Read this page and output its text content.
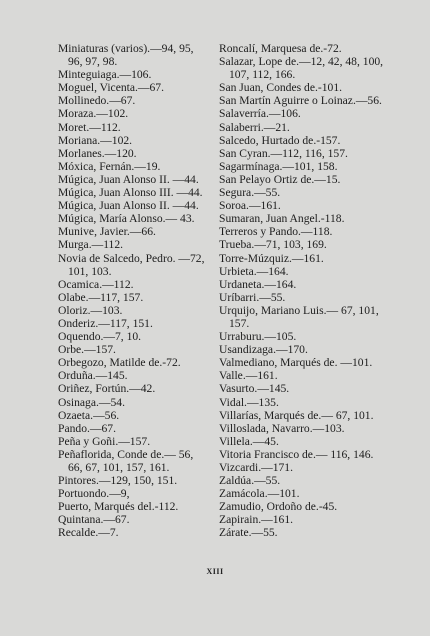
Miniaturas (varios).—94, 95, 96, 97, 98.

Minteguiaga.—106.

Moguel, Vicenta.—67.

Mollinedo.—67.

Moraza.—102.

Moret.—112.

Moriana.—102.

Morlanes.—120.

Móxica, Fernán.—19.

Múgica, Juan Alonso II. —44.

Múgica, Juan Alonso III. —44.

Múgica, Juan Alonso II. —44.

Múgica, María Alonso.— 43.

Munive, Javier.—66.

Murga.—112.

Novia de Salcedo, Pedro. —72, 101, 103.

Ocamica.—112.

Olabe.—117, 157.

Oloriz.—103.

Onderiz.—117, 151.

Oquendo.—7, 10.

Orbe.—157.

Orbegozo, Matilde de.-72.

Orduña.—145.

Oriñez, Fortún.—42.

Osinaga.—54.

Ozaeta.—56.

Pando.—67.

Peña y Goñi.—157.

Peñaflorida, Conde de.— 56, 66, 67, 101, 157, 161.

Pintores.—129, 150, 151.

Portuondo.—9,

Puerto, Marqués del.-112.

Quintana.—67.

Recalde.—7.

Roncalí, Marquesa de.-72.

Salazar, Lope de.—12, 42, 48, 100, 107, 112, 166.

San Juan, Condes de.-101.

San Martín Aguirre o Loinaz.—56.

Salaverría.—106.

Salaberri.—21.

Salcedo, Hurtado de.-157.

San Cyran.—112, 116, 157.

Sagarmínaga.—101, 158.

San Pelayo Ortiz de.—15.

Segura.—55.

Soroa.—161.

Sumaran, Juan Angel.-118.

Terreros y Pando.—118.

Trueba.—71, 103, 169.

Torre-Múzquiz.—161.

Urbieta.—164.

Urdaneta.—164.

Uríbarri.—55.

Urquijo, Mariano Luis.— 67, 101, 157.

Urraburu.—105.

Usandizaga.—170.

Valmediano, Marqués de. —101.

Valle.—161.

Vasurto.—145.

Vidal.—135.

Villarías, Marqués de.— 67, 101.

Villoslada, Navarro.—103.

Villela.—45.

Vitoria Francisco de.— 116, 146.

Vizcardi.—171.

Zaldúa.—55.

Zamácola.—101.

Zamudio, Ordoño de.-45.

Zapirain.—161.

Zárate.—55.

XIII
